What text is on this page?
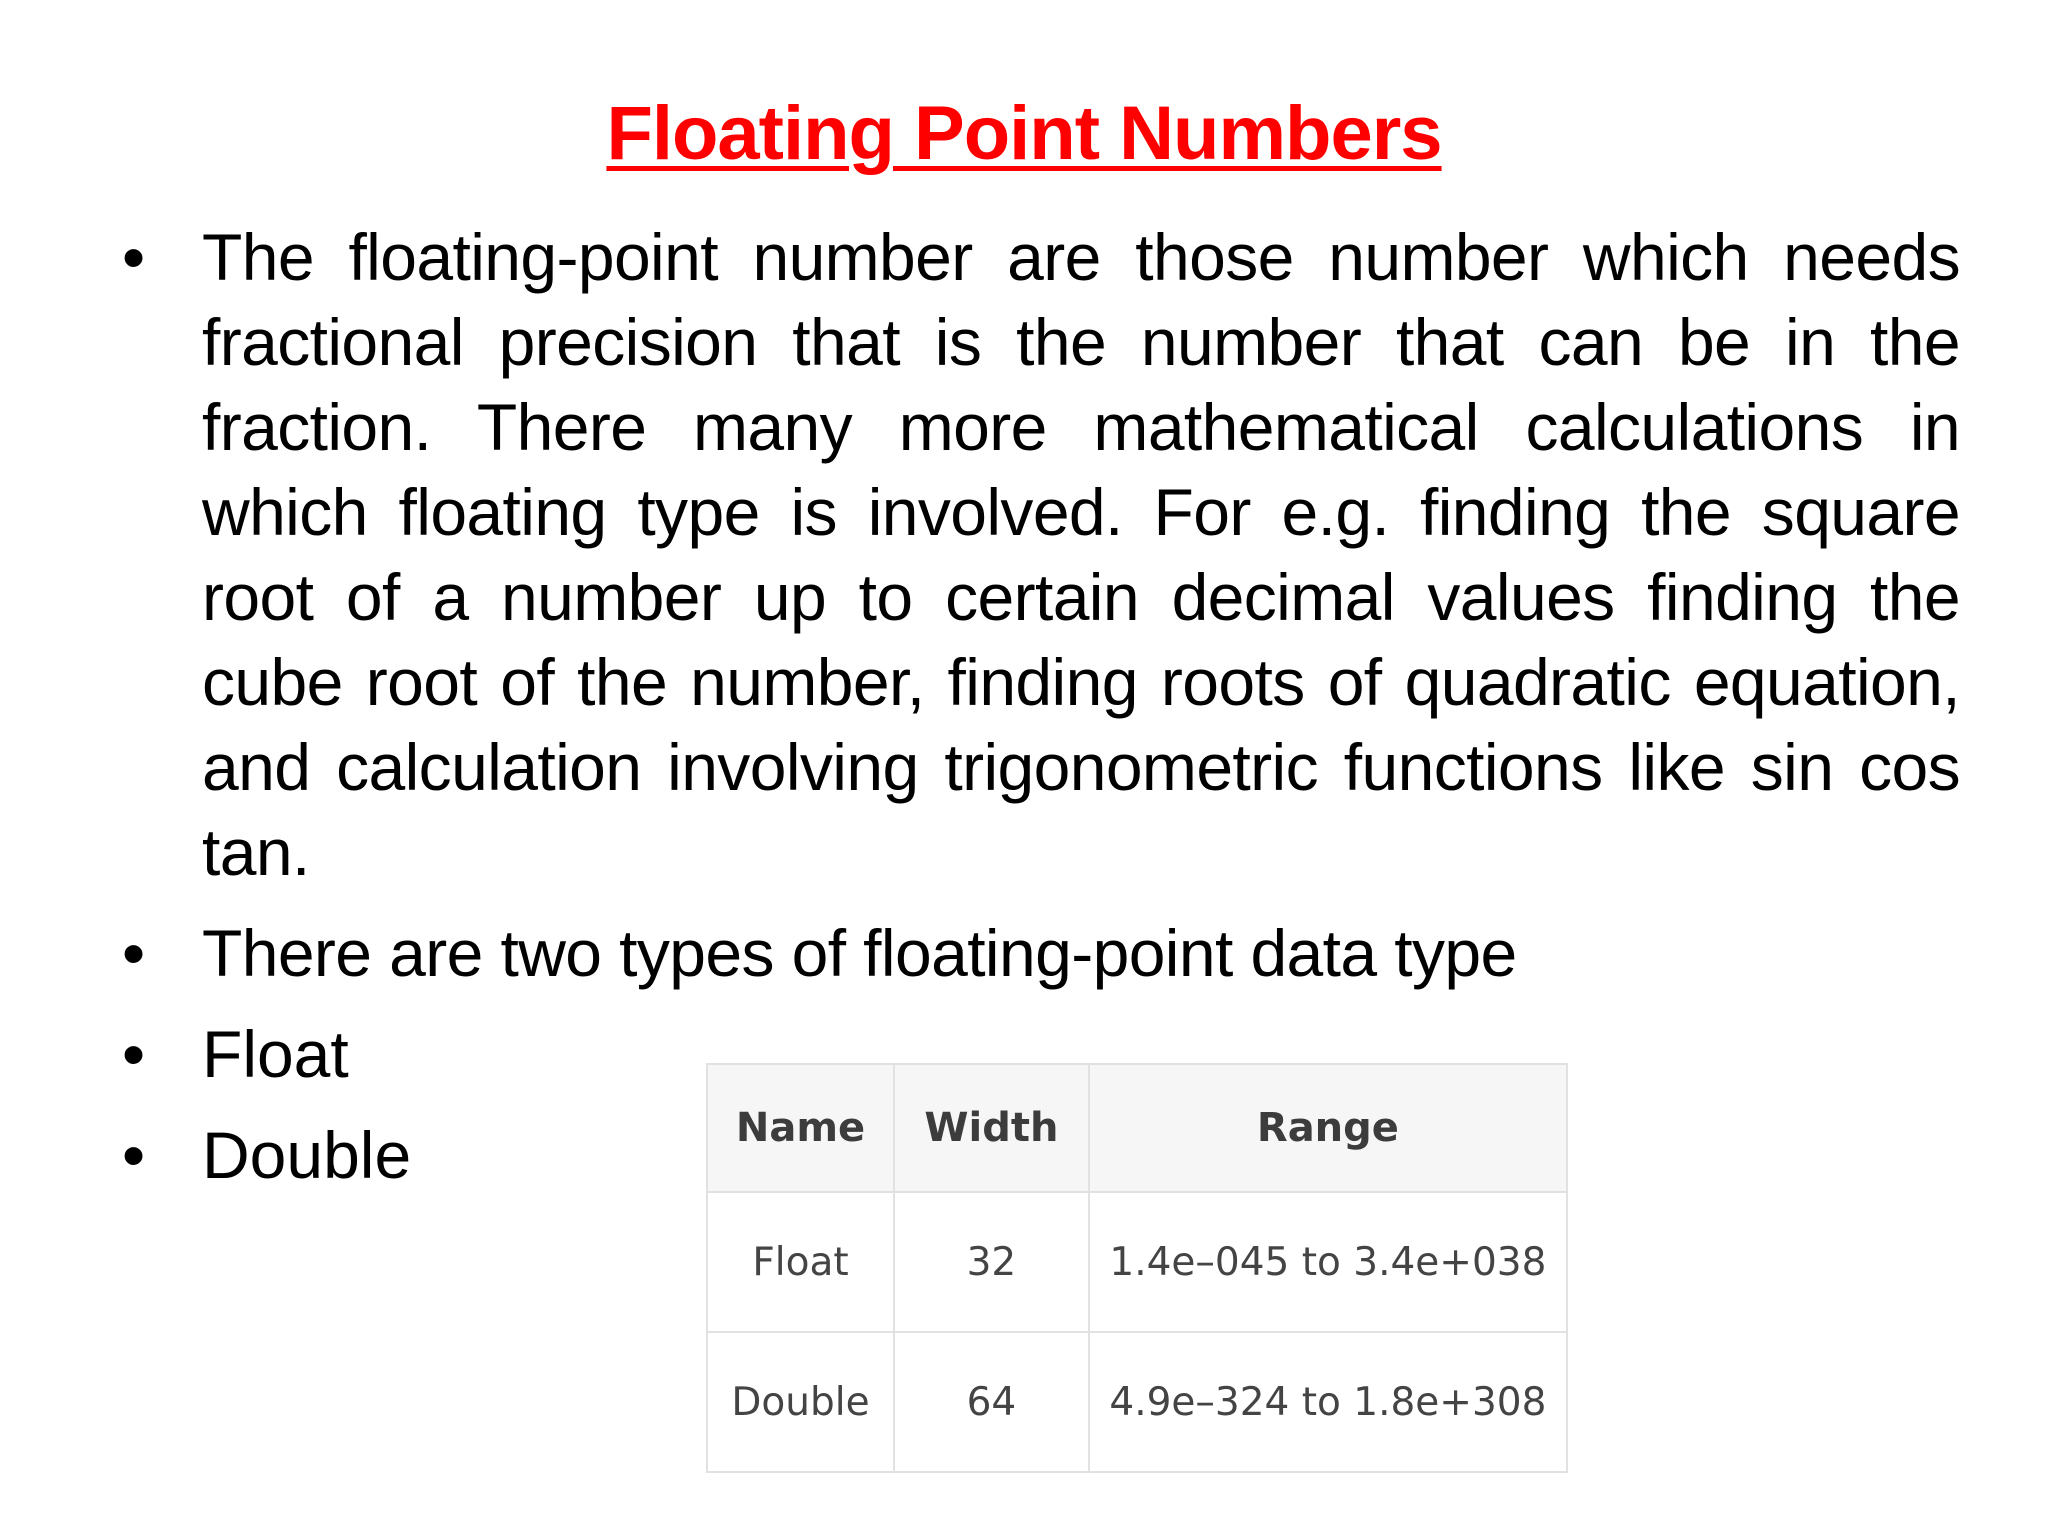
Floating Point Numbers
• The floating-point number are those number which needs fractional precision that is the number that can be in the fraction. There many more mathematical calculations in which floating type is involved. For e.g. finding the square root of a number up to certain decimal values finding the cube root of the number, finding roots of quadratic equation, and calculation involving trigonometric functions like sin cos tan.
• There are two types of floating-point data type
• Float
• Double	Name	Width	Range
Float	32	1.4e–045 to 3.4e+038
Double	64	4.9e–324 to 1.8e+308
